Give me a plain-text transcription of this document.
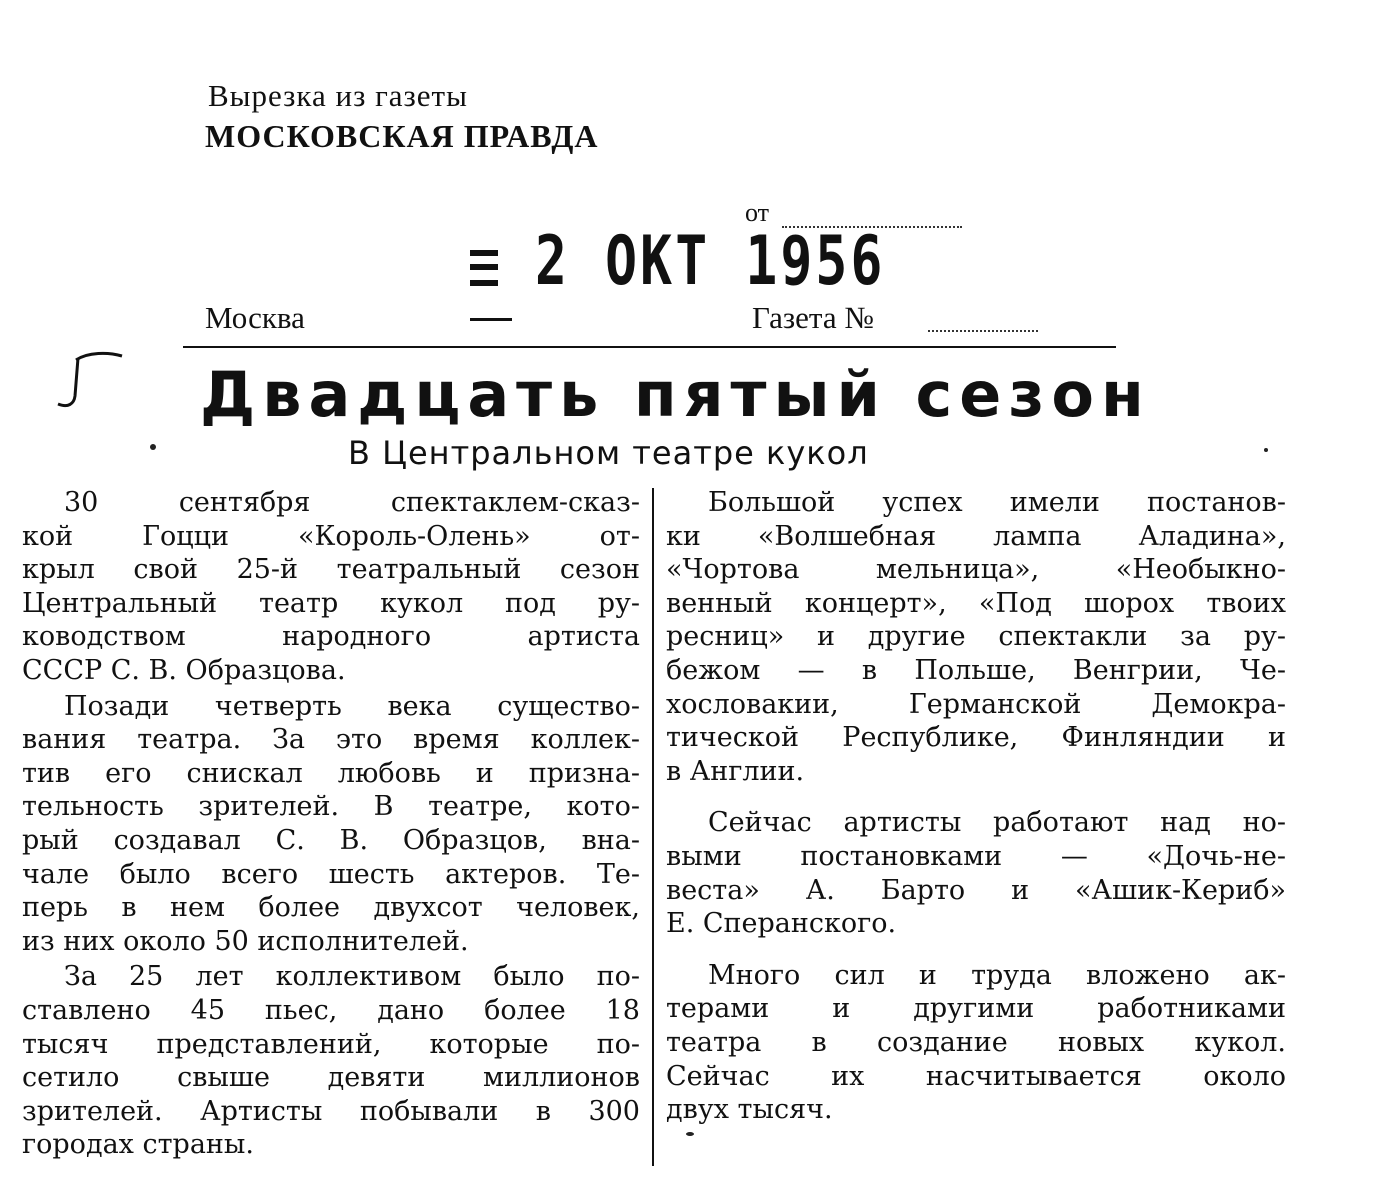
Вырезка из газеты
МОСКОВСКАЯ ПРАВДА
от
2 ОКТ 1956
Москва	Газета №
Двадцать пятый сезон
В Центральном театре кукол

30 сентября спектаклем-сказ-
кой Гоцци «Король-Олень» от-
крыл свой 25-й театральный сезон
Центральный театр кукол под ру-
ководством народного артиста
СССР С. В. Образцова.

Позади четверть века существо-
вания театра. За это время коллек-
тив его снискал любовь и призна-
тельность зрителей. В театре, кото-
рый создавал С. В. Образцов, вна-
чале было всего шесть актеров. Те-
перь в нем более двухсот человек,
из них около 50 исполнителей.

За 25 лет коллективом было по-
ставлено 45 пьес, дано более 18
тысяч представлений, которые по-
сетило свыше девяти миллионов
зрителей. Артисты побывали в 300
городах страны.

Большой успех имели постанов-
ки «Волшебная лампа Аладина»,
«Чортова мельница», «Необыкно-
венный концерт», «Под шорох твоих
ресниц» и другие спектакли за ру-
бежом — в Польше, Венгрии, Че-
хословакии, Германской Демокра-
тической Республике, Финляндии и
в Англии.

Сейчас артисты работают над но-
выми постановками — «Дочь-не-
веста» А. Барто и «Ашик-Кериб»
Е. Сперанского.

Много сил и труда вложено ак-
терами и другими работниками
театра в создание новых кукол.
Сейчас их насчитывается около
двух тысяч.
